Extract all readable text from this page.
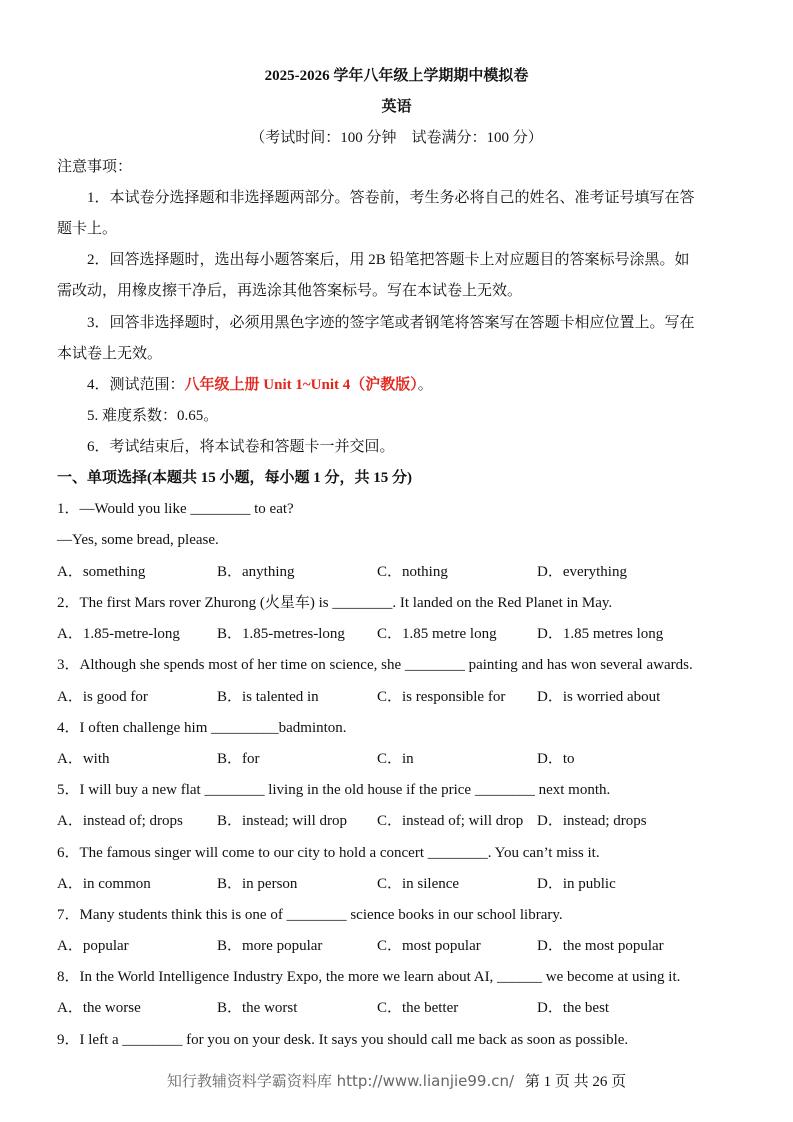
2025-2026 学年八年级上学期期中模拟卷
英语
（考试时间：100 分钟　试卷满分：100 分）
注意事项：
1．本试卷分选择题和非选择题两部分。答卷前，考生务必将自己的姓名、准考证号填写在答
题卡上。
2．回答选择题时，选出每小题答案后，用 2B 铅笔把答题卡上对应题目的答案标号涂黑。如
需改动，用橡皮擦干净后，再选涂其他答案标号。写在本试卷上无效。
3．回答非选择题时，必须用黑色字迹的签字笔或者钢笔将答案写在答题卡相应位置上。写在
本试卷上无效。
4．测试范围：八年级上册 Unit 1~Unit 4（沪教版）。
5. 难度系数：0.65。
6．考试结束后，将本试卷和答题卡一并交回。
一、单项选择(本题共 15 小题，每小题 1 分，共 15 分)
1．—Would you like ________ to eat?
—Yes, some bread, please.
A．something	B．anything	C．nothing	D．everything
2．The first Mars rover Zhurong (火星车) is ________. It landed on the Red Planet in May.
A．1.85-metre-long B．1.85-metres-long C．1.85 metre long	D．1.85 metres long
3．Although she spends most of her time on science, she ________ painting and has won several awards.
A．is good for	B．is talented in	C．is responsible for D．is worried about
4．I often challenge him _________badminton.
A．with	B．for	C．in	D．to
5．I will buy a new flat ________ living in the old house if the price ________ next month.
A．instead of; drops B．instead; will drop C．instead of; will drop D．instead; drops
6．The famous singer will come to our city to hold a concert ________. You can’t miss it.
A．in common	B．in person	C．in silence	D．in public
7．Many students think this is one of ________ science books in our school library.
A．popular	B．more popular	C．most popular	D．the most popular
8．In the World Intelligence Industry Expo, the more we learn about AI, ______ we become at using it.
A．the worse	B．the worst	C．the better	D．the best
9．I left a ________ for you on your desk. It says you should call me back as soon as possible.
知行教辅资料学霸资料库 http://www.lianjie99.cn/ 第 1 页 共 26 页
